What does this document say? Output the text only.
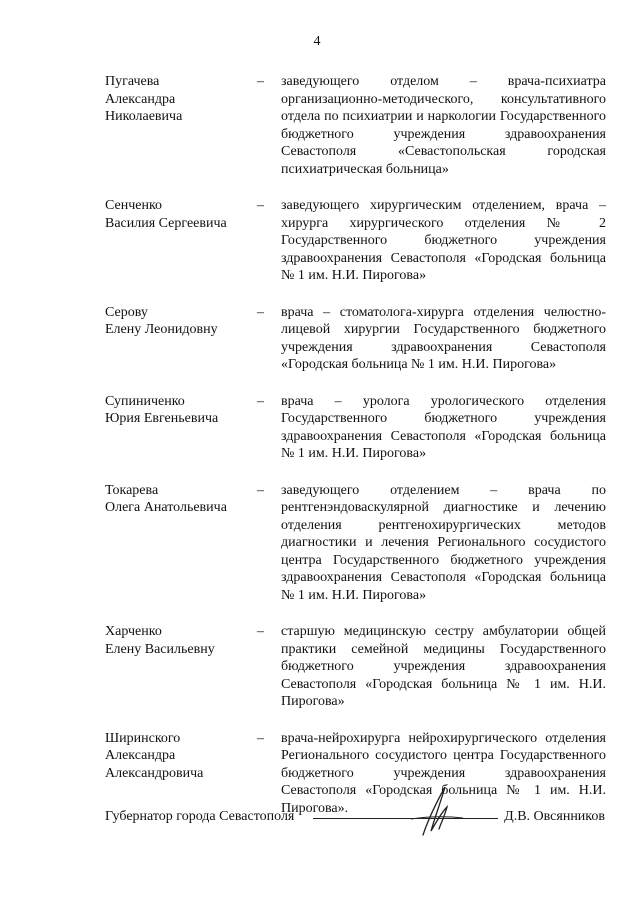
4
Пугачева
Александра
Николаевича
– заведующего отделом – врача-психиатра организационно-методического, консультативного отдела по психиатрии и наркологии Государственного бюджетного учреждения здравоохранения Севастополя «Севастопольская городская психиатрическая больница»
Сенченко
Василия Сергеевича
– заведующего хирургическим отделением, врача – хирурга хирургического отделения № 2 Государственного бюджетного учреждения здравоохранения Севастополя «Городская больница № 1 им. Н.И. Пирогова»
Серову
Елену Леонидовну
– врача – стоматолога-хирурга отделения челюстно-лицевой хирургии Государственного бюджетного учреждения здравоохранения Севастополя «Городская больница № 1 им. Н.И. Пирогова»
Супиниченко
Юрия Евгеньевича
– врача – уролога урологического отделения Государственного бюджетного учреждения здравоохранения Севастополя «Городская больница № 1 им. Н.И. Пирогова»
Токарева
Олега Анатольевича
– заведующего отделением – врача по рентгенэндоваскулярной диагностике и лечению отделения рентгенохирургических методов диагностики и лечения Регионального сосудистого центра Государственного бюджетного учреждения здравоохранения Севастополя «Городская больница № 1 им. Н.И. Пирогова»
Харченко
Елену Васильевну
– старшую медицинскую сестру амбулатории общей практики семейной медицины Государственного бюджетного учреждения здравоохранения Севастополя «Городская больница № 1 им. Н.И. Пирогова»
Ширинского
Александра
Александровича
– врача-нейрохирурга нейрохирургического отделения Регионального сосудистого центра Государственного бюджетного учреждения здравоохранения Севастополя «Городская больница № 1 им. Н.И. Пирогова».
Губернатор города Севастополя	Д.В. Овсянников
